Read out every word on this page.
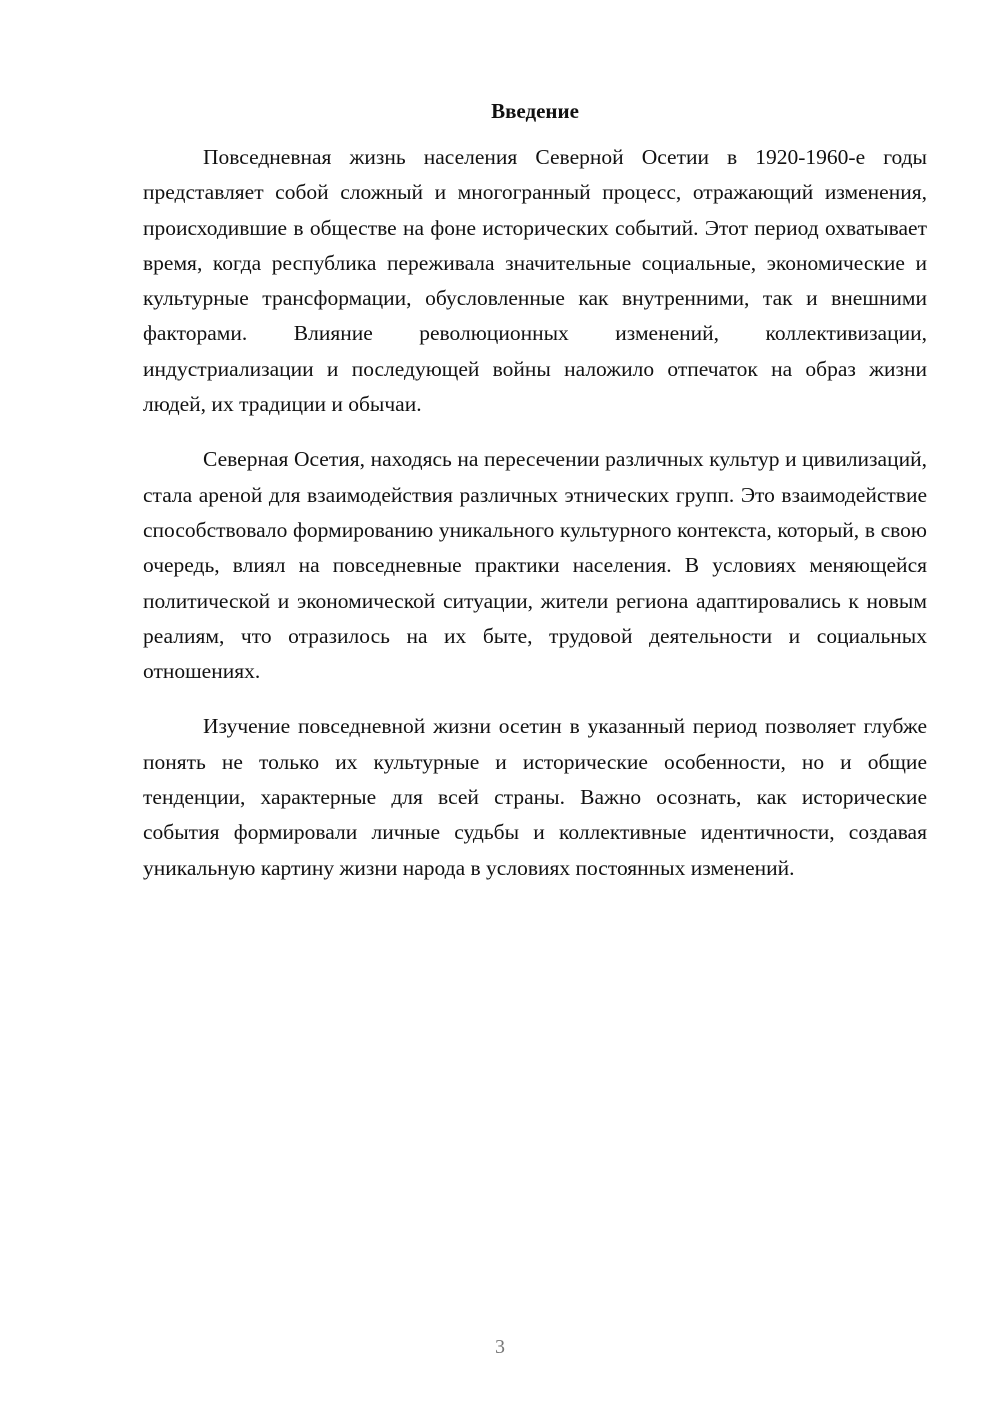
Введение

Повседневная жизнь населения Северной Осетии в 1920-1960-е годы представляет собой сложный и многогранный процесс, отражающий изменения, происходившие в обществе на фоне исторических событий. Этот период охватывает время, когда республика переживала значительные социальные, экономические и культурные трансформации, обусловленные как внутренними, так и внешними факторами. Влияние революционных изменений, коллективизации, индустриализации и последующей войны наложило отпечаток на образ жизни людей, их традиции и обычаи.

Северная Осетия, находясь на пересечении различных культур и цивилизаций, стала ареной для взаимодействия различных этнических групп. Это взаимодействие способствовало формированию уникального культурного контекста, который, в свою очередь, влиял на повседневные практики населения. В условиях меняющейся политической и экономической ситуации, жители региона адаптировались к новым реалиям, что отразилось на их быте, трудовой деятельности и социальных отношениях.

Изучение повседневной жизни осетин в указанный период позволяет глубже понять не только их культурные и исторические особенности, но и общие тенденции, характерные для всей страны. Важно осознать, как исторические события формировали личные судьбы и коллективные идентичности, создавая уникальную картину жизни народа в условиях постоянных изменений.

3
